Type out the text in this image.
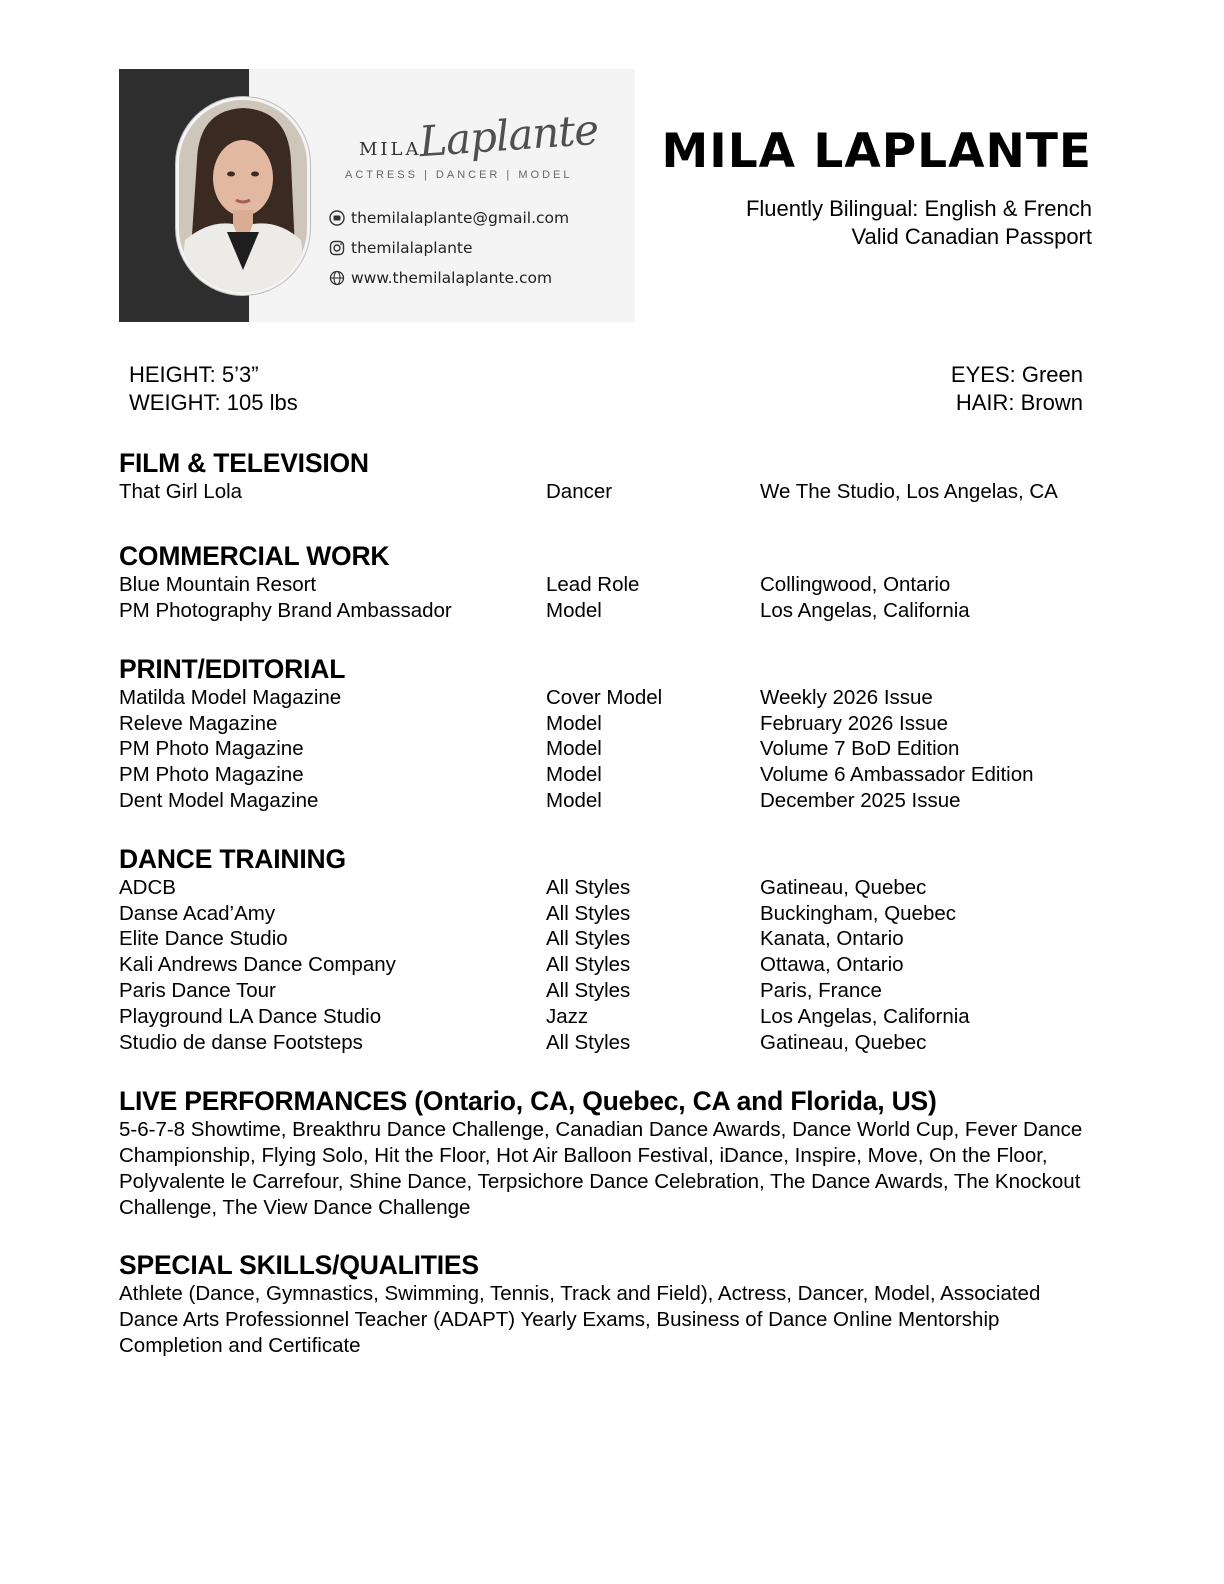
MILA
Laplante
ACTRESS | DANCER | MODEL
themilalaplante@gmail.com
themilalaplante
www.themilalaplante.com
MILA LAPLANTE
Fluently Bilingual: English & French
Valid Canadian Passport
HEIGHT: 5’3”
WEIGHT: 105 lbs
EYES: Green
HAIR: Brown
FILM & TELEVISION
That Girl Lola	Dancer	We The Studio, Los Angelas, CA
COMMERCIAL WORK
Blue Mountain Resort	Lead Role	Collingwood, Ontario
PM Photography Brand Ambassador	Model	Los Angelas, California
PRINT/EDITORIAL
Matilda Model Magazine	Cover Model	Weekly 2026 Issue
Releve Magazine	Model	February 2026 Issue
PM Photo Magazine	Model	Volume 7 BoD Edition
PM Photo Magazine	Model	Volume 6 Ambassador Edition
Dent Model Magazine	Model	December 2025 Issue
DANCE TRAINING
ADCB	All Styles	Gatineau, Quebec
Danse Acad’Amy	All Styles	Buckingham, Quebec
Elite Dance Studio	All Styles	Kanata, Ontario
Kali Andrews Dance Company	All Styles	Ottawa, Ontario
Paris Dance Tour	All Styles	Paris, France
Playground LA Dance Studio	Jazz	Los Angelas, California
Studio de danse Footsteps	All Styles	Gatineau, Quebec
LIVE PERFORMANCES (Ontario, CA, Quebec, CA and Florida, US)
5-6-7-8 Showtime, Breakthru Dance Challenge, Canadian Dance Awards, Dance World Cup, Fever Dance Championship, Flying Solo, Hit the Floor, Hot Air Balloon Festival, iDance, Inspire, Move, On the Floor, Polyvalente le Carrefour, Shine Dance, Terpsichore Dance Celebration, The Dance Awards, The Knockout Challenge, The View Dance Challenge
SPECIAL SKILLS/QUALITIES
Athlete (Dance, Gymnastics, Swimming, Tennis, Track and Field), Actress, Dancer, Model, Associated Dance Arts Professionnel Teacher (ADAPT) Yearly Exams, Business of Dance Online Mentorship Completion and Certificate
